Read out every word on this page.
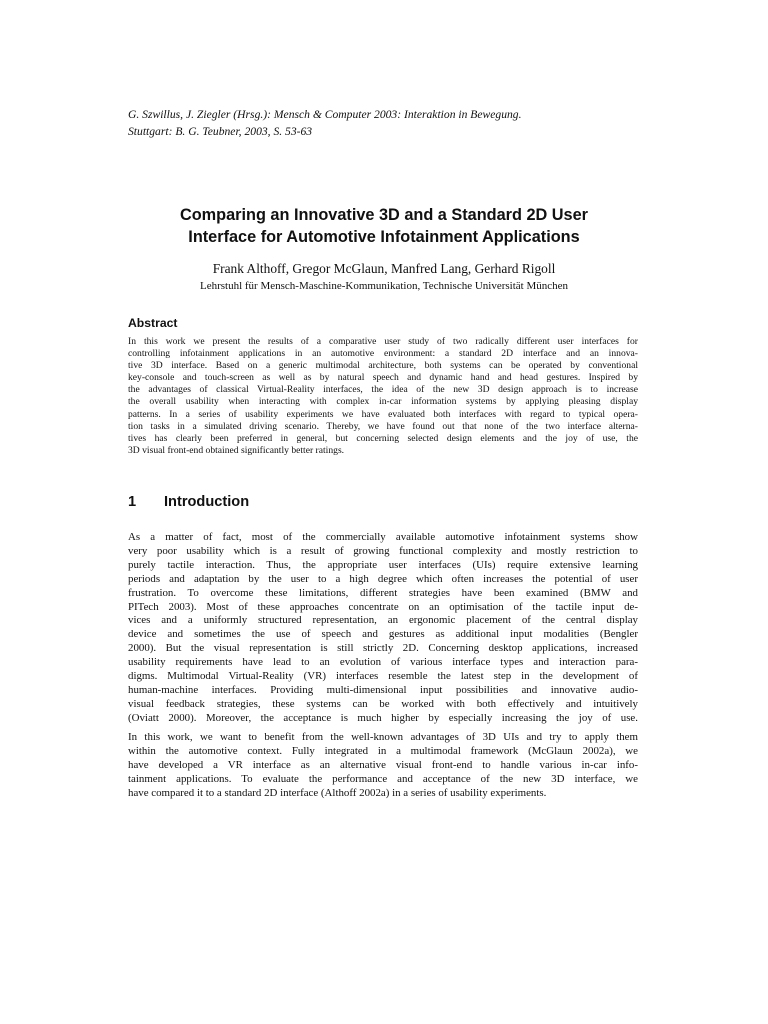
G. Szwillus, J. Ziegler (Hrsg.): Mensch & Computer 2003: Interaktion in Bewegung.
Stuttgart: B. G. Teubner, 2003, S. 53-63
Comparing an Innovative 3D and a Standard 2D User
Interface for Automotive Infotainment Applications
Frank Althoff, Gregor McGlaun, Manfred Lang, Gerhard Rigoll
Lehrstuhl für Mensch-Maschine-Kommunikation, Technische Universität München
Abstract
In this work we present the results of a comparative user study of two radically different user interfaces for
controlling infotainment applications in an automotive environment: a standard 2D interface and an innova-
tive 3D interface. Based on a generic multimodal architecture, both systems can be operated by conventional
key-console and touch-screen as well as by natural speech and dynamic hand and head gestures. Inspired by
the advantages of classical Virtual-Reality interfaces, the idea of the new 3D design approach is to increase
the overall usability when interacting with complex in-car information systems by applying pleasing display
patterns. In a series of usability experiments we have evaluated both interfaces with regard to typical opera-
tion tasks in a simulated driving scenario. Thereby, we have found out that none of the two interface alterna-
tives has clearly been preferred in general, but concerning selected design elements and the joy of use, the
3D visual front-end obtained significantly better ratings.
1 Introduction
As a matter of fact, most of the commercially available automotive infotainment systems show
very poor usability which is a result of growing functional complexity and mostly restriction to
purely tactile interaction. Thus, the appropriate user interfaces (UIs) require extensive learning
periods and adaptation by the user to a high degree which often increases the potential of user
frustration. To overcome these limitations, different strategies have been examined (BMW and
PITech 2003). Most of these approaches concentrate on an optimisation of the tactile input de-
vices and a uniformly structured representation, an ergonomic placement of the central display
device and sometimes the use of speech and gestures as additional input modalities (Bengler
2000). But the visual representation is still strictly 2D. Concerning desktop applications, increased
usability requirements have lead to an evolution of various interface types and interaction para-
digms. Multimodal Virtual-Reality (VR) interfaces resemble the latest step in the development of
human-machine interfaces. Providing multi-dimensional input possibilities and innovative audio-
visual feedback strategies, these systems can be worked with both effectively and intuitively
(Oviatt 2000). Moreover, the acceptance is much higher by especially increasing the joy of use.
In this work, we want to benefit from the well-known advantages of 3D UIs and try to apply them
within the automotive context. Fully integrated in a multimodal framework (McGlaun 2002a), we
have developed a VR interface as an alternative visual front-end to handle various in-car info-
tainment applications. To evaluate the performance and acceptance of the new 3D interface, we
have compared it to a standard 2D interface (Althoff 2002a) in a series of usability experiments.
